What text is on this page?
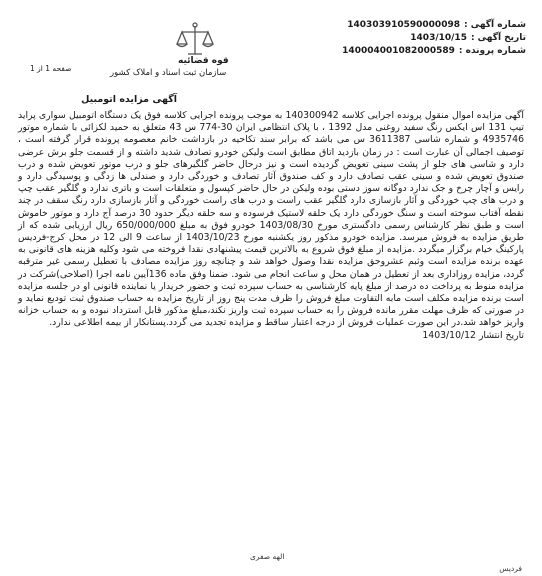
شماره آگهی :
140303910590000098
تاریخ آگهی :
1403/10/15
شماره پرونده :
140004001082000589
قوه قضائیه
سازمان ثبت اسناد و املاک کشور
صفحه 1 از 1
آگهی مزایده اتومبیل

آگهی مزایده اموال منقول پرونده اجرایی کلاسه 140300942 به موجب پرونده اجرایی کلاسه فوق یک دستگاه اتومبیل سواری پراید تیپ 131 اس ایکس رنگ سفید روغنی مدل 1392 ، با پلاک انتظامی ایران 30-774 س 43 متعلق به حمید لکزائی با شماره موتور 4935746 و شماره شاسی 3611387 س می باشد که برابر سند تکاحیه در بازداشت خانم معصومه پرونده قرار گرفته است ، توصیف اجمالی آن عبارت است : در زمان بازدید اتاق مطابق است ولیکن خودرو تصادف شدید داشته و از قسمت جلو برش عرضی دارد و شاسی های جلو از پشت سینی تعویض گردیده است و نیز درحال حاضر گلگیرهای جلو و درب موتور تعویض شده و درب صندوق تعویض شده و سینی عقب تصادف دارد و کف صندوق آثار تصادف و خوردگی دارد و صندلی ها زدگی و پوسیدگی دارد و رایس و آچار چرخ و جک ندارد دوگانه سوز دستی بوده ولیکن در حال حاضر کپسول و متعلقات است و باتری ندارد و گلگیر عقب چپ و درب های چپ خوردگی و آثار بازسازی دارد گلگیر عقب راست و درب های راست خوردگی و آثار بازسازی دارد رنگ سقف در چند نقطه آفتاب سوخته است و سنگ خوردگی دارد یک حلقه لاستیک فرسوده و سه حلقه دیگر حدود 30 درصد آج دارد و موتور خاموش است و طبق نظر کارشناس رسمی دادگستری مورخ 1403/08/30 خودرو فوق به مبلغ 650/000/000 ریال ارزیابی شده که از طریق مزایده به فروش میرسد. مزایده خودرو مذکور روز یکشنبه مورخ 1403/10/23 از ساعت 9 الی 12 در محل کرج-فردیس پارکینگ خیام برگزار میگردد .مزایده از مبلغ فوق شروع به بالاترین قیمت پیشنهادی نقدا فروخته می شود وکلیه هزینه های قانونی به عهده برنده مزایده است وثبم عشروحق مزایده نقدا وصول خواهد شد و چنانچه روز مزایده مصادف با تعطیل رسمی غیر مترقبه گردد، مزایده روزاداری بعد از تعطیل در همان محل و ساعت انجام می شود. ضمنا وفق ماده 136آیین نامه اجرا (اصلاحی)شرکت در مزایده منوط به پرداخت ده درصد از مبلغ پایه کارشناسی به حساب سپرده ثبت و حضور خریدار یا نماینده قانونی او در جلسه مزایده است برنده مزایده مکلف است مابه التفاوت مبلغ فروش را ظرف مدت پنج روز از تاریخ مزایده به حساب صندوق ثبت تودیع نماید و در صورتی که ظرف مهلت مقرر مانده فروش را به حساب سپرده ثبت واریز نکند،مبلغ مذکور قابل استرداد نبوده و به حساب خزانه واریز خواهد شد.در این صورت عملیات فروش از درجه اعتبار ساقط و مزایده تجدید می گردد.پستانکار از بیمه اطلاعی ندارد.

تاریخ انتشار 1403/10/12

الهه صفری
فردیس
